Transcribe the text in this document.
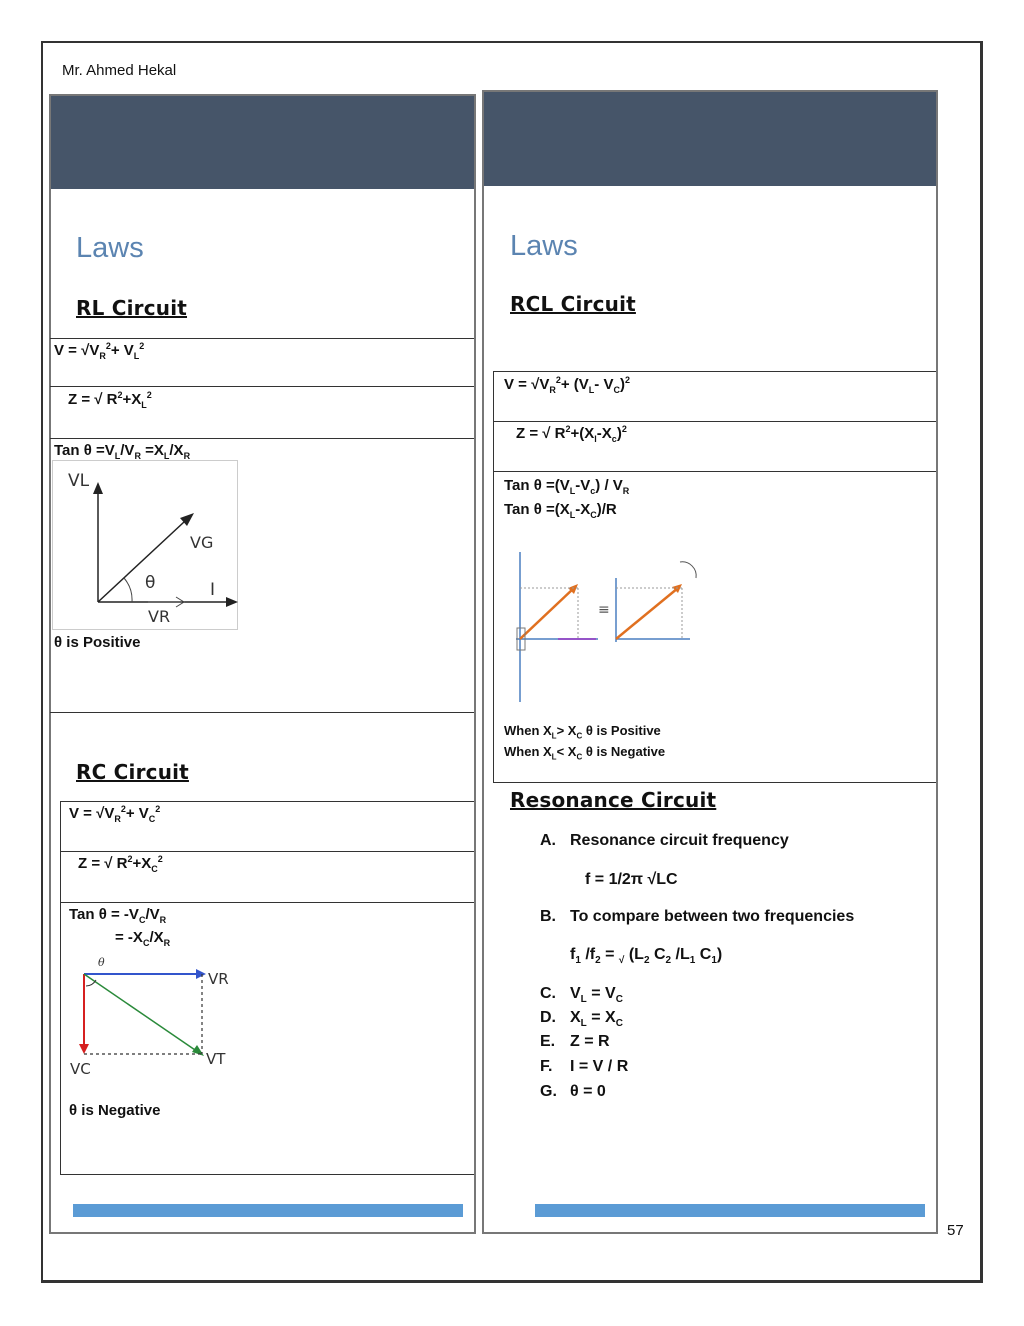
Mr. Ahmed Hekal
57
Laws
RL Circuit
$V = √V_R^2+ V_L^2$
Z = √ $R^2+X_L^2$
Tan $\theta =V_L/V_R =X_L/X_R$
VL
VG
VR
I
θ
θ is Positive
RC Circuit
$V = √V_R^2+ V_C^2$
Z = √ $R^2+X_C^2$
Tan $\theta = -V_C/V_R$
= $-X_C/X_R$
θ
VR
VC
VT
θ is Negative
Laws
RCL Circuit
$V = √V_R^2+ (V_L-$ $V_C)^2$
Z = √ $R^2+(X_l-X_c)^2$
Tan $\theta =(V_L-V_c) / V_R$
Tan $\theta =(X_L-X_C)/R$
≡
When $X_L> X_C$ θ is Positive
When $X_L< X_C$ θ is Negative
Resonance Circuit
A. Resonance circuit frequency
f = 1/2π √LC
B. To compare between two frequencies
$f_1$ $/f_2 = _√$ ($L_2$ $C_2$ $/L_1$ $C_1$)
C. $V_L = V_C$
D. $X_L = X_C$
E. Z = R
F. I = V / R
G. θ = 0
